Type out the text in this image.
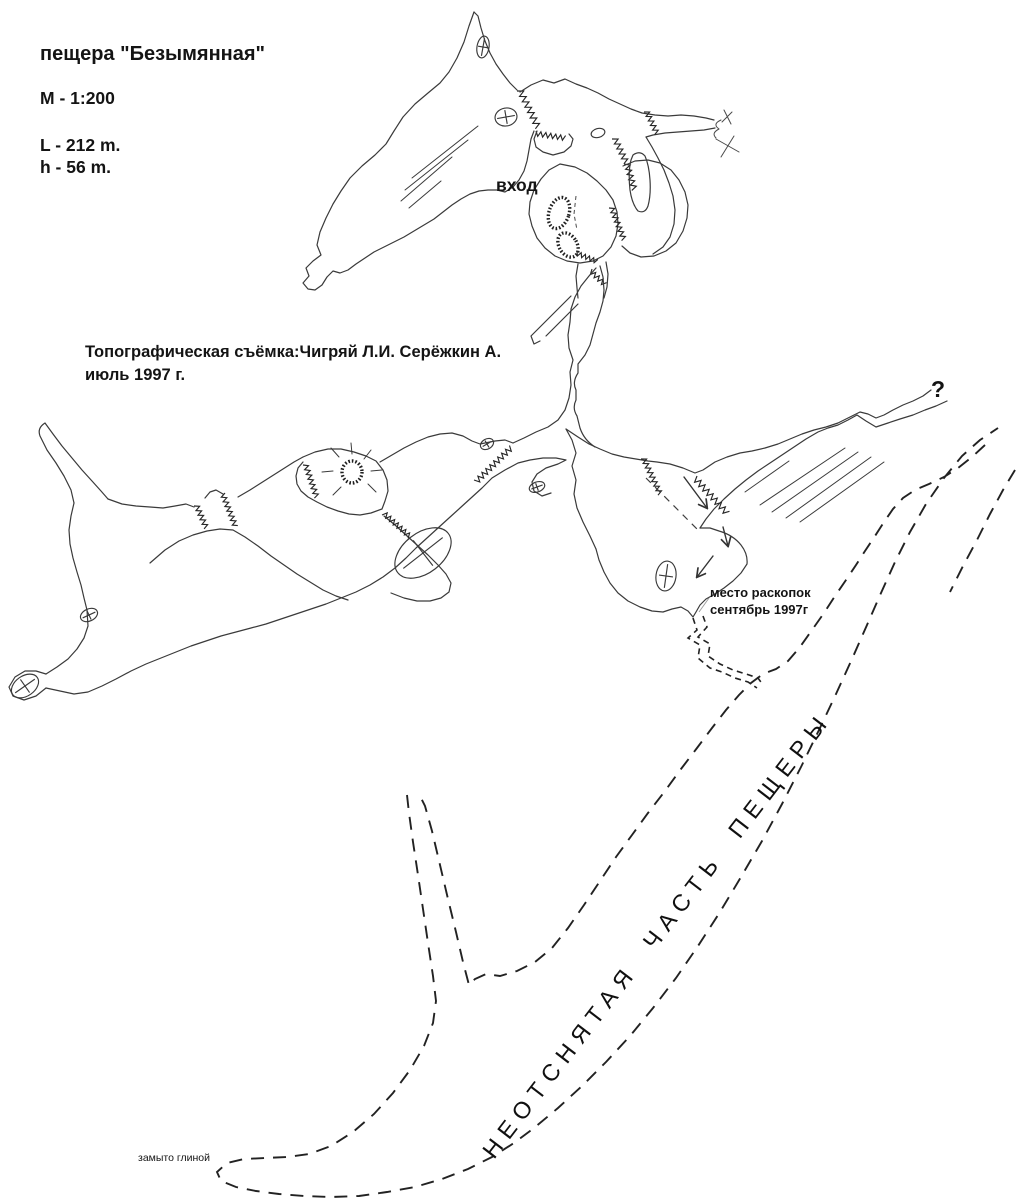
пещера "Безымянная"
M - 1:200
L - 212 m.
h - 56 m.
Топографическая съёмка:Чигряй Л.И. Серёжкин А.
июль 1997 г.
вход
место раскопок
сентябрь 1997г
?
замыто глиной	НЕОТСНЯТАЯ ЧАСТЬ ПЕЩЕРЫ
